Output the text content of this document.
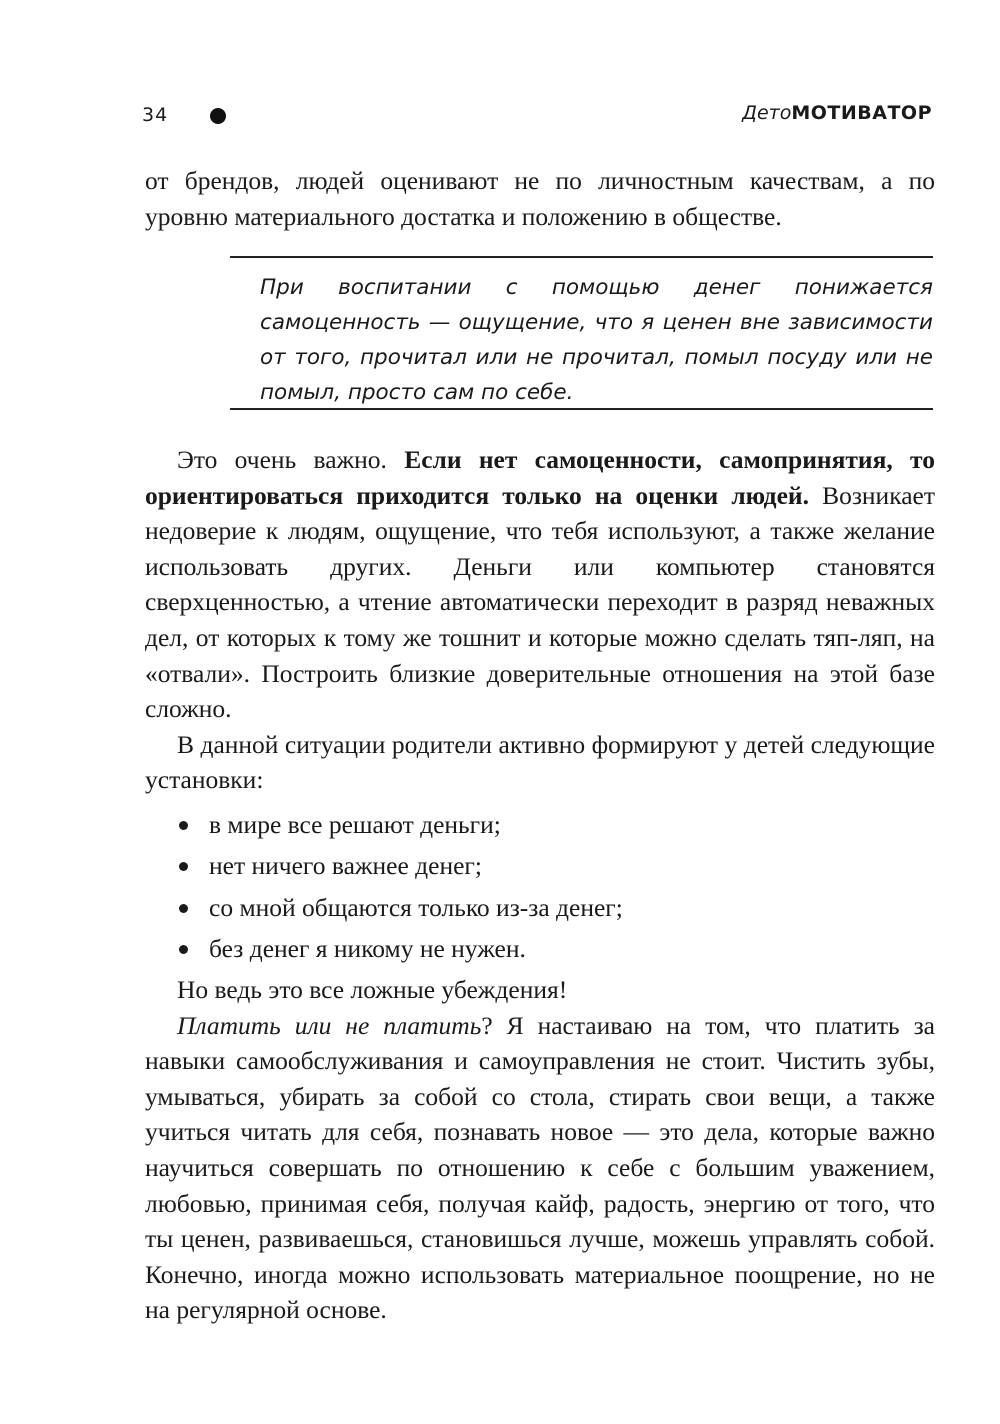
34	ДетоМОТИВАТОР

от брендов, людей оценивают не по личностным качествам, а по уровню материального достатка и положению в обществе.

При воспитании с помощью денег понижается самоценность — ощущение, что я ценен вне зависимости от того, прочитал или не прочитал, помыл посуду или не помыл, просто сам по себе.

Это очень важно. Если нет самоценности, самопринятия, то ориентироваться приходится только на оценки людей. Возникает недоверие к людям, ощущение, что тебя используют, а также желание использовать других. Деньги или компьютер становятся сверхценностью, а чтение автоматически переходит в разряд неважных дел, от которых к тому же тошнит и которые можно сделать тяп-ляп, на «отвали». Построить близкие доверительные отношения на этой базе сложно.

В данной ситуации родители активно формируют у детей следующие установки:

в мире все решают деньги;
нет ничего важнее денег;
со мной общаются только из-за денег;
без денег я никому не нужен.

Но ведь это все ложные убеждения!

Платить или не платить? Я настаиваю на том, что платить за навыки самообслуживания и самоуправления не стоит. Чистить зубы, умываться, убирать за собой со стола, стирать свои вещи, а также учиться читать для себя, познавать новое — это дела, которые важно научиться совершать по отношению к себе с большим уважением, любовью, принимая себя, получая кайф, радость, энергию от того, что ты ценен, развиваешься, становишься лучше, можешь управлять собой. Конечно, иногда можно использовать материальное поощрение, но не на регулярной основе.
